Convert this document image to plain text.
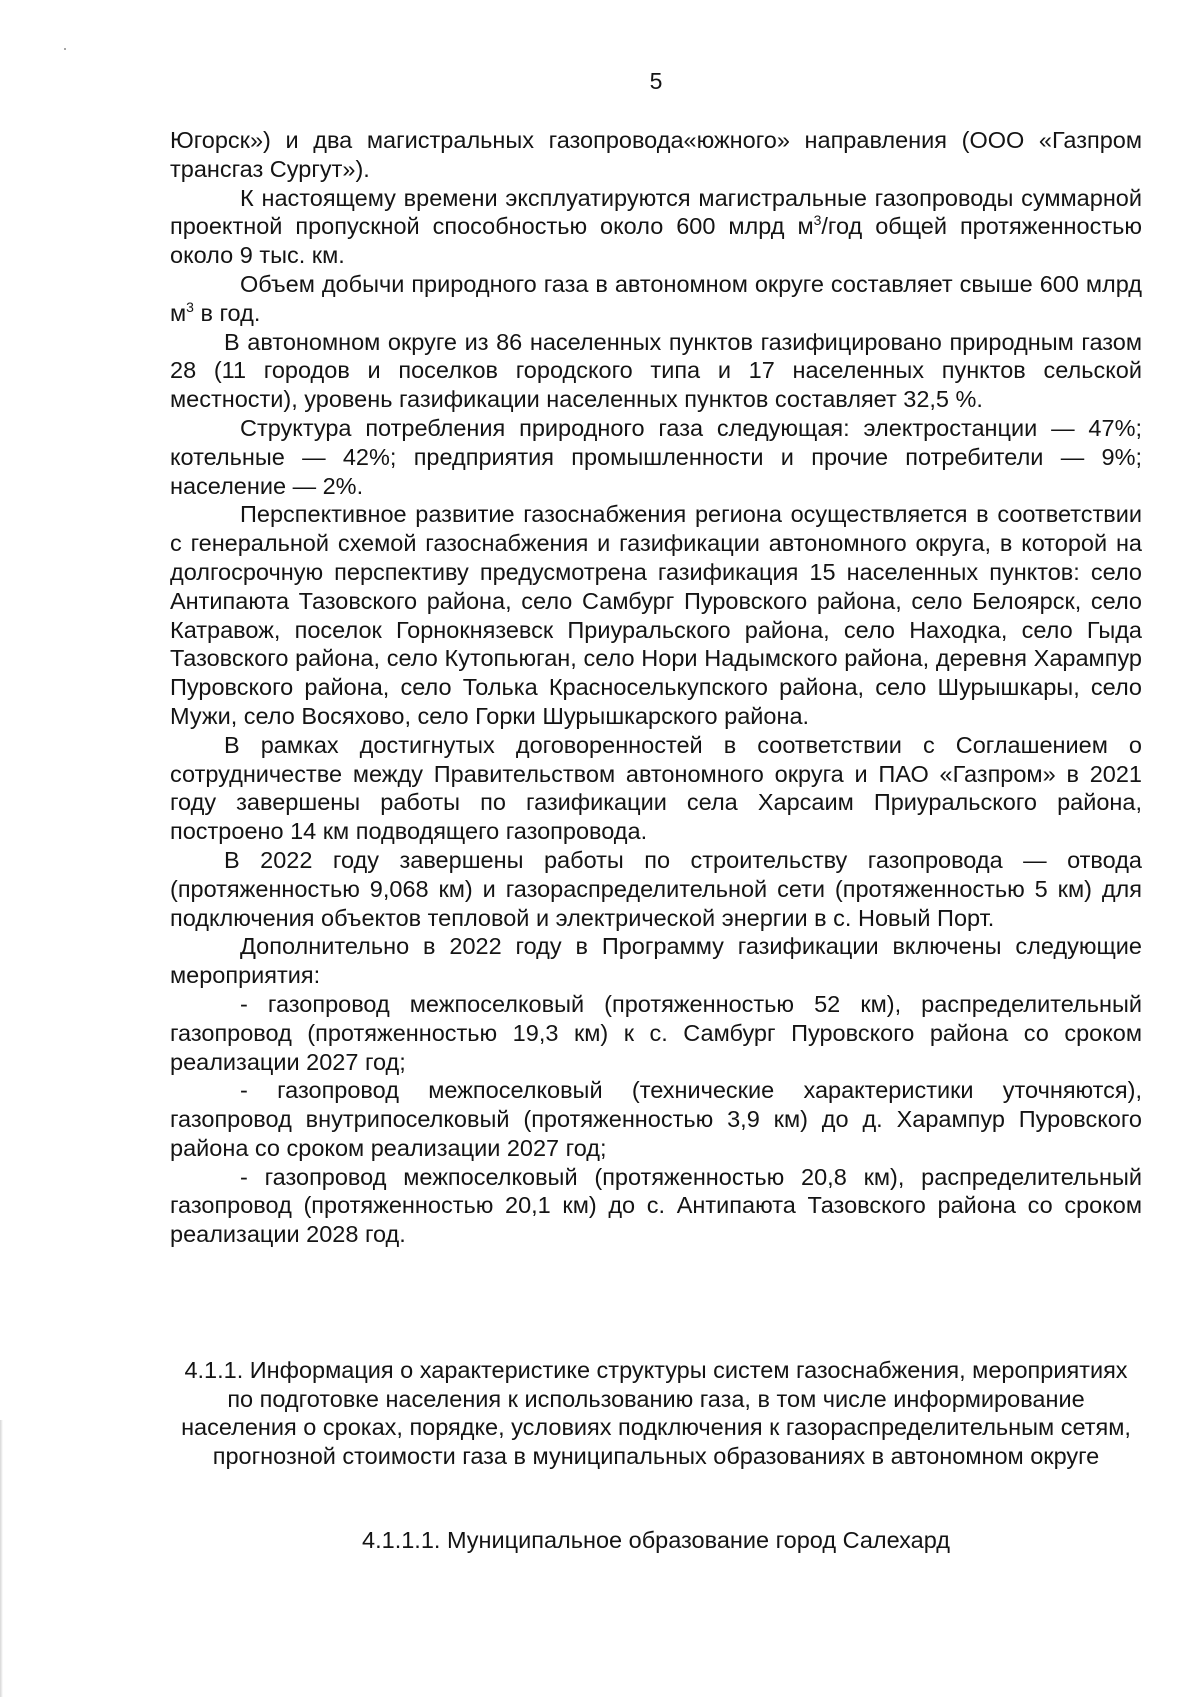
5

Югорск») и два магистральных газопровода«южного» направления (ООО «Газпром трансгаз Сургут»).

К настоящему времени эксплуатируются магистральные газопроводы суммарной проектной пропускной способностью около 600 млрд $м^3$/год общей протяженностью около 9 тыс. км.

Объем добычи природного газа в автономном округе составляет свыше 600 млрд $м^3$ в год.

В автономном округе из 86 населенных пунктов газифицировано природным газом 28 (11 городов и поселков городского типа и 17 населенных пунктов сельской местности), уровень газификации населенных пунктов составляет 32,5 %.

Структура потребления природного газа следующая: электростанции — 47%; котельные — 42%; предприятия промышленности и прочие потребители — 9%; население — 2%.

Перспективное развитие газоснабжения региона осуществляется в соответствии с генеральной схемой газоснабжения и газификации автономного округа, в которой на долгосрочную перспективу предусмотрена газификация 15 населенных пунктов: село Антипаюта Тазовского района, село Самбург Пуровского района, село Белоярск, село Катравож, поселок Горнокнязевск Приуральского района, село Находка, село Гыда Тазовского района, село Кутопьюган, село Нори Надымского района, деревня Харампур Пуровского района, село Толька Красноселькупского района, село Шурышкары, село Мужи, село Восяхово, село Горки Шурышкарского района.

В рамках достигнутых договоренностей в соответствии с Соглашением о сотрудничестве между Правительством автономного округа и ПАО «Газпром» в 2021 году завершены работы по газификации села Харсаим Приуральского района, построено 14 км подводящего газопровода.

В 2022 году завершены работы по строительству газопровода — отвода (протяженностью 9,068 км) и газораспределительной сети (протяженностью 5 км) для подключения объектов тепловой и электрической энергии в с. Новый Порт.

Дополнительно в 2022 году в Программу газификации включены следующие мероприятия:

- газопровод межпоселковый (протяженностью 52 км), распределительный газопровод (протяженностью 19,3 км) к с. Самбург Пуровского района со сроком реализации 2027 год;

- газопровод межпоселковый (технические характеристики уточняются), газопровод внутрипоселковый (протяженностью 3,9 км) до д. Харампур Пуровского района со сроком реализации 2027 год;

- газопровод межпоселковый (протяженностью 20,8 км), распределительный газопровод (протяженностью 20,1 км) до с. Антипаюта Тазовского района со сроком реализации 2028 год.

4.1.1. Информация о характеристике структуры систем газоснабжения, мероприятиях по подготовке населения к использованию газа, в том числе информирование населения о сроках, порядке, условиях подключения к газораспределительным сетям, прогнозной стоимости газа в муниципальных образованиях в автономном округе

4.1.1.1. Муниципальное образование город Салехард
